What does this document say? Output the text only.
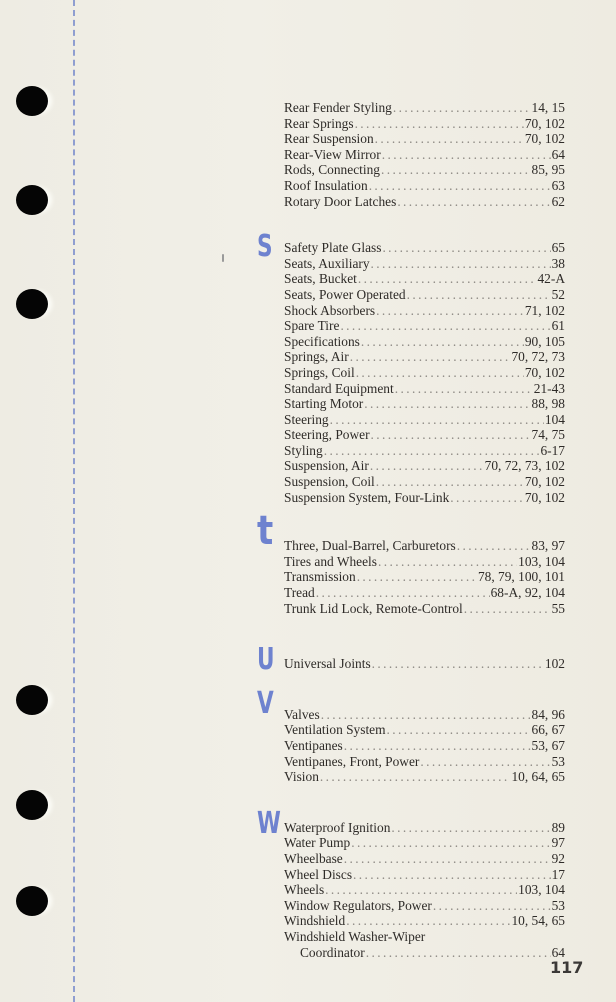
Rear Fender Styling .....	14, 15
Rear Springs .....	70, 102
Rear Suspension .....	70, 102
Rear-View Mirror .....	64
Rods, Connecting .....	85, 95
Roof Insulation .....	63
Rotary Door Latches .....	62
S Safety Plate Glass .....	65
Seats, Auxiliary .....	38
Seats, Bucket .....	42-A
Seats, Power Operated .....	52
Shock Absorbers .....	71, 102
Spare Tire .....	61
Specifications .....	90, 105
Springs, Air .....	70, 72, 73
Springs, Coil .....	70, 102
Standard Equipment .....	21-43
Starting Motor .....	88, 98
Steering .....	104
Steering, Power .....	74, 75
Styling .....	6-17
Suspension, Air .....	70, 72, 73, 102
Suspension, Coil .....	70, 102
Suspension System, Four-Link .....	70, 102
t Three, Dual-Barrel, Carburetors .....	83, 97
Tires and Wheels .....	103, 104
Transmission .....	78, 79, 100, 101
Tread .....	68-A, 92, 104
Trunk Lid Lock, Remote-Control .....	55
U Universal Joints .....	102
V Valves .....	84, 96
Ventilation System .....	66, 67
Ventipanes .....	53, 67
Ventipanes, Front, Power .....	53
Vision .....	10, 64, 65
W Waterproof Ignition .....	89
Water Pump .....	97
Wheelbase .....	92
Wheel Discs .....	17
Wheels .....	103, 104
Window Regulators, Power .....	53
Windshield .....	10, 54, 65
Windshield Washer-Wiper
Coordinator .....	64
117
